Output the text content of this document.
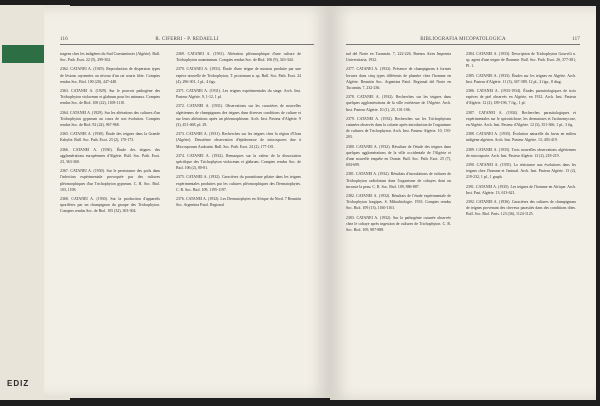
EDIZ
116	R. CIFERRI - P. REDAELLI
tragens ches les indigènes du Sud Constantinois (Algérie). Bull. Soc. Path. Exot. 22 (5), 299-302.
2362. CATANEI A. (1929). Reproduction de dispersion types de lésions rayonnées au niveau d'un rat souris hôte. Comptes rendus Soc. Biol. 100 (20), 447-448.
2363. CATANEI A. (1929). Sur le pouvoir pathogène des Trichophyton violaceum et glabrum pour les animaux. Comptes rendus Soc. de Biol. 100 (22), 1108-1110.
2364. CATANEI A. (1929). Sur les altérations des cultures d'un Trichophyton gypseum au cours de son évolution. Comptes rendus Soc. de Biol. 92 (24), 967-968.
2365. CATANEI A. (1930). Étude des teignes dans la Grande Kabylie. Bull. Soc. Path. Exot. 23 (2), 170-173.
2366. CATANEI A. (1930). Étude des teignes des agglomérations européennes d'Algérie. Bull. Soc. Path. Exot. 23, 363-368.
2367. CATANEI A. (1930). Sur le persistance des poils dans l'infection expérimentale provoquée par des cultures pléomorphiques d'un Trichophyton gypseum. C. R. Soc. Biol. 103, 1198.
2368. CATANEI A. (1930). Sur la production d'appareils sporifères par un champignon du groupe des Trichophyton. Comptes rendus Soc. de Biol. 105 (32), 303-304.
2369. CATANEI A. (1931). Altération pléomorphique d'une culture de Trichophyton acuminatum. Comptes rendus Soc. de Biol. 106 (9), 343-344.
2370. CATANEI A. (1931). Étude d'une teigne de mouton produite par une espèce nouvelle de Trichophyton, T. proximum n. sp. Bull. Soc. Path. Exot. 24 (4), 296-301, 1 pl., 4 figs.
2371. CATANEI A. (1931). Les teignes expérimentales du singe. Arch. Inst. Pasteur Algérie. 9, 1-12, 1 pl.
2372. CATANEI A. (1931). Observations sur les caractères de nouvelles algériennes de champignons des teignes dans diverses conditions de culture et sur leurs altérations après un pléomorphisme. Arch. Inst. Pasteur d'Algérie. 9 (3), 451-468, pl. 29.
2373. CATANEI A. (1931). Recherches sur les teignes chez la région d'Oran (Algérie). Deuxième observation d'épidermose de microspores due à Microsporum Audouini. Bull. Soc. Path. Exot. 24 (2), 177-181.
2374. CATANEI A. (1932). Remarques sur la valeur de la dissociation spécifique des Trichophyton violaceum et glabrum. Comptes rendus Soc. de Biol. 106 (2), 80-81.
2375. CATANEI A. (1932). Caractères du parasitisme pilaire dans les teignes expérimentales produites par les cultures pléomorphiques des Dermatophytes. C. R. Soc. Biol. 109, 1195-1197.
2376. CATANEI A. (1932). Les Dermatophytes en Afrique du Nord. 7 Reunión Soc. Argentina Patol. Regional
BIBLIOGRAFIA MICOPATOLOGICA	117
nal del Norte en Tucumán. 7, 222-226, Buenos Aires Imprenta Universitaria, 1932.
2377. CATANEI A. (1932). Présence de champignons à formes levures dans cinq types différents de phanère chez l'homme en Algérie. Reunión Soc. Argentina Patol. Regional del Norte en Tucumán, 7, 232-236.
2378. CATANEI A. (1932). Recherches sur les teignes dans quelques agglomérations de la ville extérieure de l'Algérie. Arch. Inst. Pasteur Algérie. 10 (1), 25, 101-106.
2379. CATANEI A. (1932). Recherches sur les Trichophytons cutanées observés dans la colonie après introduction de l'organisme de cultures de Trichophyton. Arch. Inst. Pasteur Algérie. 10, 193-203.
2380. CATANEI A. (1932). Résultats de l'étude des teignes dans quelques agglomérations de la ville occidentale de l'Algérie et d'une nouvelle enquête en Oranie. Bull. Soc. Path. Exot. 25 (7), 694-699.
2381. CATANEI A. (1932). Résultats d'inoculations de cultures de Trichophyton radiolatum dans l'organisme de cobayes dont on incruste la peau. C. R. Soc. Biol. 109, 886-887.
2382. CATANEI A. (1932). Résultats de l'étude expérimentale de Trichophyton longipes. S. Mikrobiologie. 1933. Comptes rendus Soc. Biol. 109 (13), 1160-1161.
2383. CATANEI A. (1932). Sur la pathogénie cutanée observée chez le cobaye après ingestion de cultures de Trichophyton. C. R. Soc. Biol. 109, 887-888.
2384. CATANEI A. (1933). Description de Trichophyton Gourvili n. sp. agent d'une teigne de l'homme. Bull. Soc. Path. Exot. 26, 377-381, Pl. 1.
2385. CATANEI A. (1933). Études sur les teignes en Algérie. Arch. Inst. Pasteur d'Algérie. 11 (3), 367-389, 12 pl., 2 figs., 8 diag.
2386. CATANEI A. (1933-1934). Études parasitologiques de trois espèces de piel observés en Algérie, en 1912. Arch. Inst. Pasteur d'Algérie. 12 (2), 189-196, 7 fig., 1 pl.
2387. CATANEI A. (1934). Recherches parasitologiques et expérimentales sur le spirotrichose, les dermatoses et l'actinomycose, en Algérie. Arch. Inst. Pasteur d'Algérie. 12 (3), 351-366, 1 pl., 3 fig.
2388. CATANEI A. (1935). Évolution naturelle du favus en milieu indigène algérien. Arch. Inst. Pasteur Algérie. 13, 403-419.
2389. CATANEI A. (1935). Trois nouvelles observations algériennes de microsporie. Arch. Inst. Pasteur Algérie. 13 (2), 218-219.
2390. CATANEI A. (1935). La résistance aux évolutions dans les teignes chez l'homme et l'animal. Arch. Inst. Pasteur Algérie. 13 (2), 219-232, 1 pl., 1 graph.
2391. CATANEI A. (1935). Les teignes de l'homme en Afrique. Arch. Inst. Past. Algérie. 13, 613-621.
2392. CATANEI A. (1936). Caractères des cultures de champignons de teignes provenant des cheveux parasités dans des conditions dites. Bull. Soc. Biol. Paris. 123 (36), 1124-1125.
